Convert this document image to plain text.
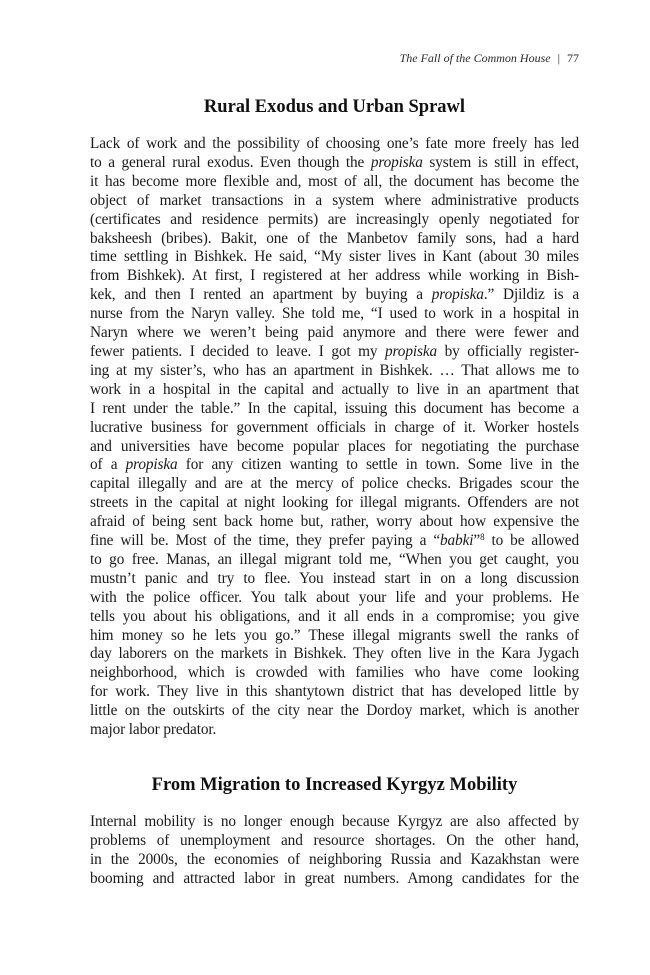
The Fall of the Common House | 77
Rural Exodus and Urban Sprawl
Lack of work and the possibility of choosing one’s fate more freely has led
to a general rural exodus. Even though the propiska system is still in effect,
it has become more flexible and, most of all, the document has become the
object of market transactions in a system where administrative products
(certificates and residence permits) are increasingly openly negotiated for
baksheesh (bribes). Bakit, one of the Manbetov family sons, had a hard
time settling in Bishkek. He said, “My sister lives in Kant (about 30 miles
from Bishkek). At first, I registered at her address while working in Bish-
kek, and then I rented an apartment by buying a propiska.” Djildiz is a
nurse from the Naryn valley. She told me, “I used to work in a hospital in
Naryn where we weren’t being paid anymore and there were fewer and
fewer patients. I decided to leave. I got my propiska by officially register-
ing at my sister’s, who has an apartment in Bishkek. … That allows me to
work in a hospital in the capital and actually to live in an apartment that
I rent under the table.” In the capital, issuing this document has become a
lucrative business for government officials in charge of it. Worker hostels
and universities have become popular places for negotiating the purchase
of a propiska for any citizen wanting to settle in town. Some live in the
capital illegally and are at the mercy of police checks. Brigades scour the
streets in the capital at night looking for illegal migrants. Offenders are not
afraid of being sent back home but, rather, worry about how expensive the
fine will be. Most of the time, they prefer paying a “babki”$^8$ to be allowed
to go free. Manas, an illegal migrant told me, “When you get caught, you
mustn’t panic and try to flee. You instead start in on a long discussion
with the police officer. You talk about your life and your problems. He
tells you about his obligations, and it all ends in a compromise; you give
him money so he lets you go.” These illegal migrants swell the ranks of
day laborers on the markets in Bishkek. They often live in the Kara Jygach
neighborhood, which is crowded with families who have come looking
for work. They live in this shantytown district that has developed little by
little on the outskirts of the city near the Dordoy market, which is another
major labor predator.
From Migration to Increased Kyrgyz Mobility
Internal mobility is no longer enough because Kyrgyz are also affected by
problems of unemployment and resource shortages. On the other hand,
in the 2000s, the economies of neighboring Russia and Kazakhstan were
booming and attracted labor in great numbers. Among candidates for the
